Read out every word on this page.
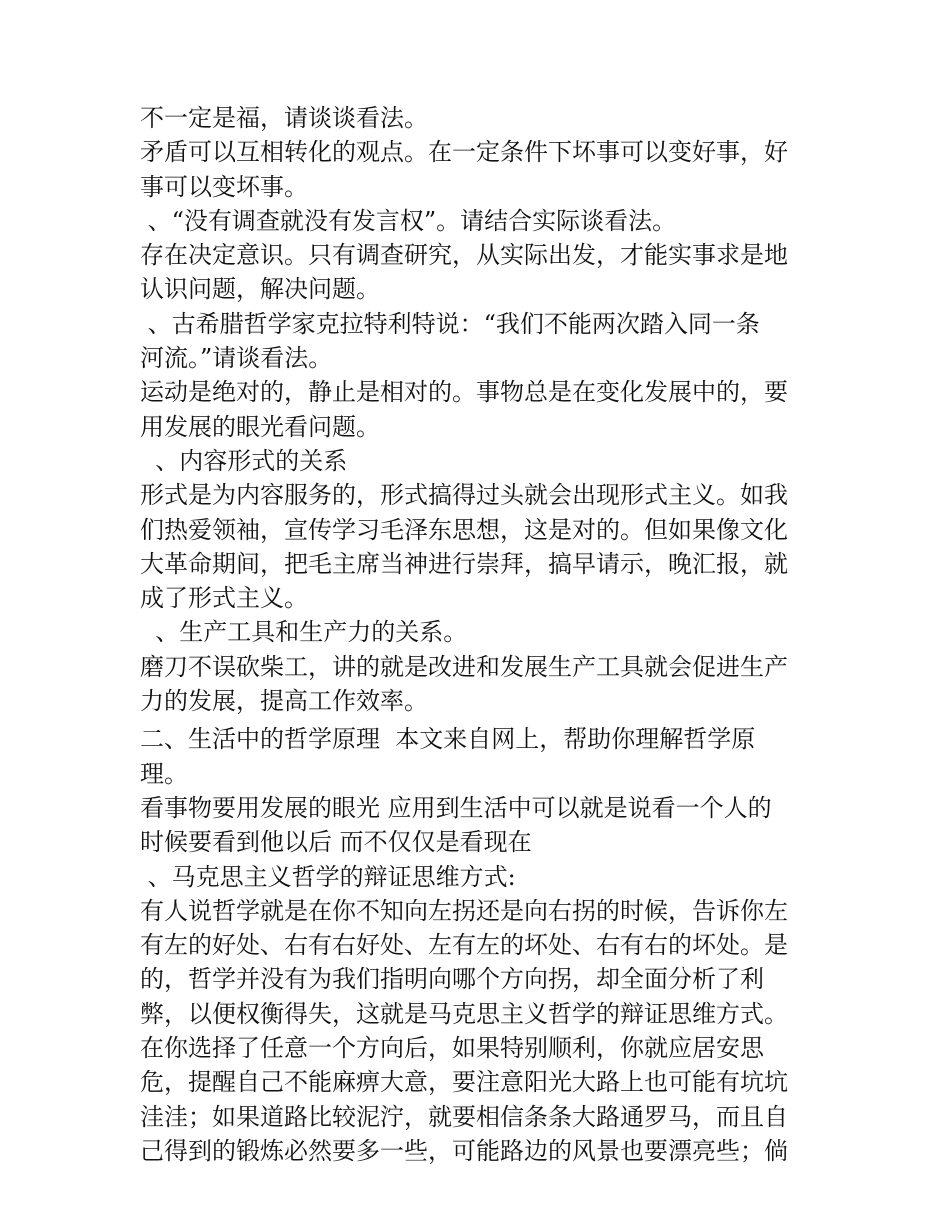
不一定是福，请谈谈看法。
矛盾可以互相转化的观点。在一定条件下坏事可以变好事，好
事可以变坏事。
、“没有调查就没有发言权”。请结合实际谈看法。
存在决定意识。只有调查研究，从实际出发，才能实事求是地
认识问题，解决问题。
、古希腊哲学家克拉特利特说：“我们不能两次踏入同一条
河流。”请谈看法。
运动是绝对的，静止是相对的。事物总是在变化发展中的，要
用发展的眼光看问题。
、内容形式的关系
形式是为内容服务的，形式搞得过头就会出现形式主义。如我
们热爱领袖，宣传学习毛泽东思想，这是对的。但如果像文化
大革命期间，把毛主席当神进行崇拜，搞早请示，晚汇报，就
成了形式主义。
、生产工具和生产力的关系。
磨刀不误砍柴工，讲的就是改进和发展生产工具就会促进生产
力的发展，提高工作效率。
二、生活中的哲学原理  本文来自网上，帮助你理解哲学原
理。
看事物要用发展的眼光 应用到生活中可以就是说看一个人的
时候要看到他以后 而不仅仅是看现在
、马克思主义哲学的辩证思维方式:
有人说哲学就是在你不知向左拐还是向右拐的时候，告诉你左
有左的好处、右有右好处、左有左的坏处、右有右的坏处。是
的，哲学并没有为我们指明向哪个方向拐，却全面分析了利
弊，以便权衡得失，这就是马克思主义哲学的辩证思维方式。
在你选择了任意一个方向后，如果特别顺利，你就应居安思
危，提醒自己不能麻痹大意，要注意阳光大路上也可能有坑坑
洼洼；如果道路比较泥泞，就要相信条条大路通罗马，而且自
己得到的锻炼必然要多一些，可能路边的风景也要漂亮些；倘
